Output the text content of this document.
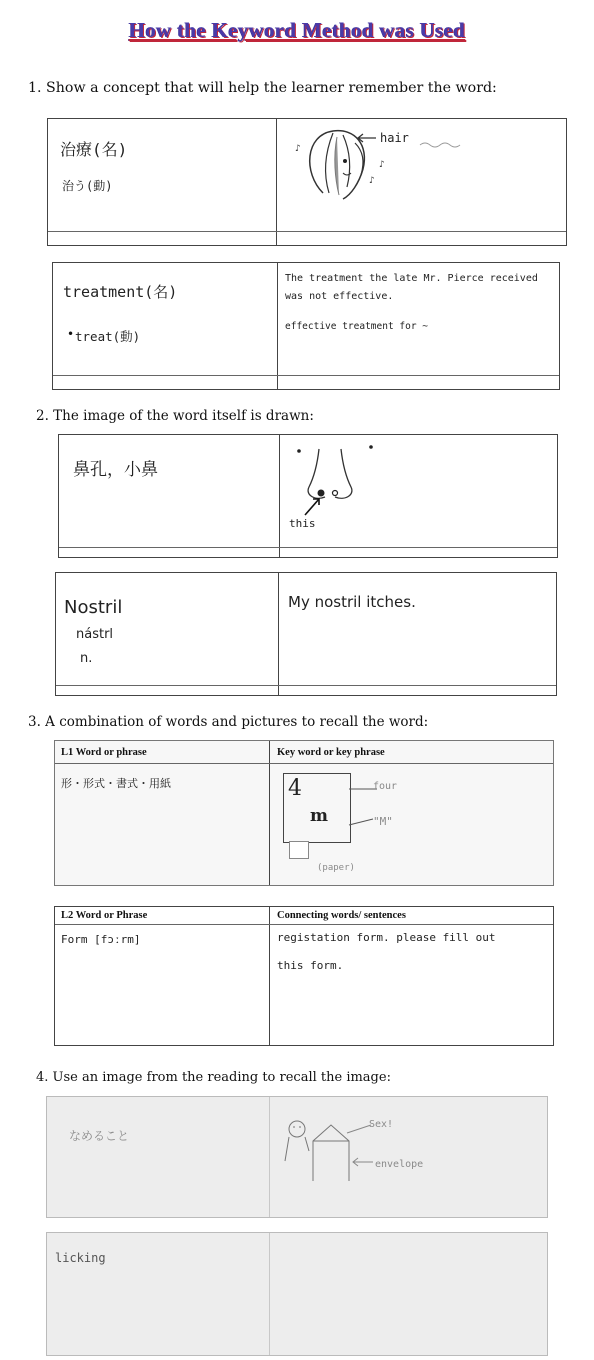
How the Keyword Method was Used
1. Show a concept that will help the learner remember the word:
治療(名)
治う(動)
♪
♪
♪
hair
treatment(名)
treat(動)
•
The treatment the late Mr. Pierce received
was not effective.
effective treatment for ~
2. The image of the word itself is drawn:
鼻孔，小鼻
this
Nostril
nástrl
n.
My nostril itches.
3. A combination of words and pictures to recall the word:
L1 Word or phrase	Key word or key phrase
形・形式・書式・用紙	4
m
four
"M"
(paper)
L2 Word or Phrase	Connecting words/ sentences
Form [fɔːrm]	registation form. please fill out
this form.
4. Use an image from the reading to recall the image:
なめること
Sex!
envelope
licking
